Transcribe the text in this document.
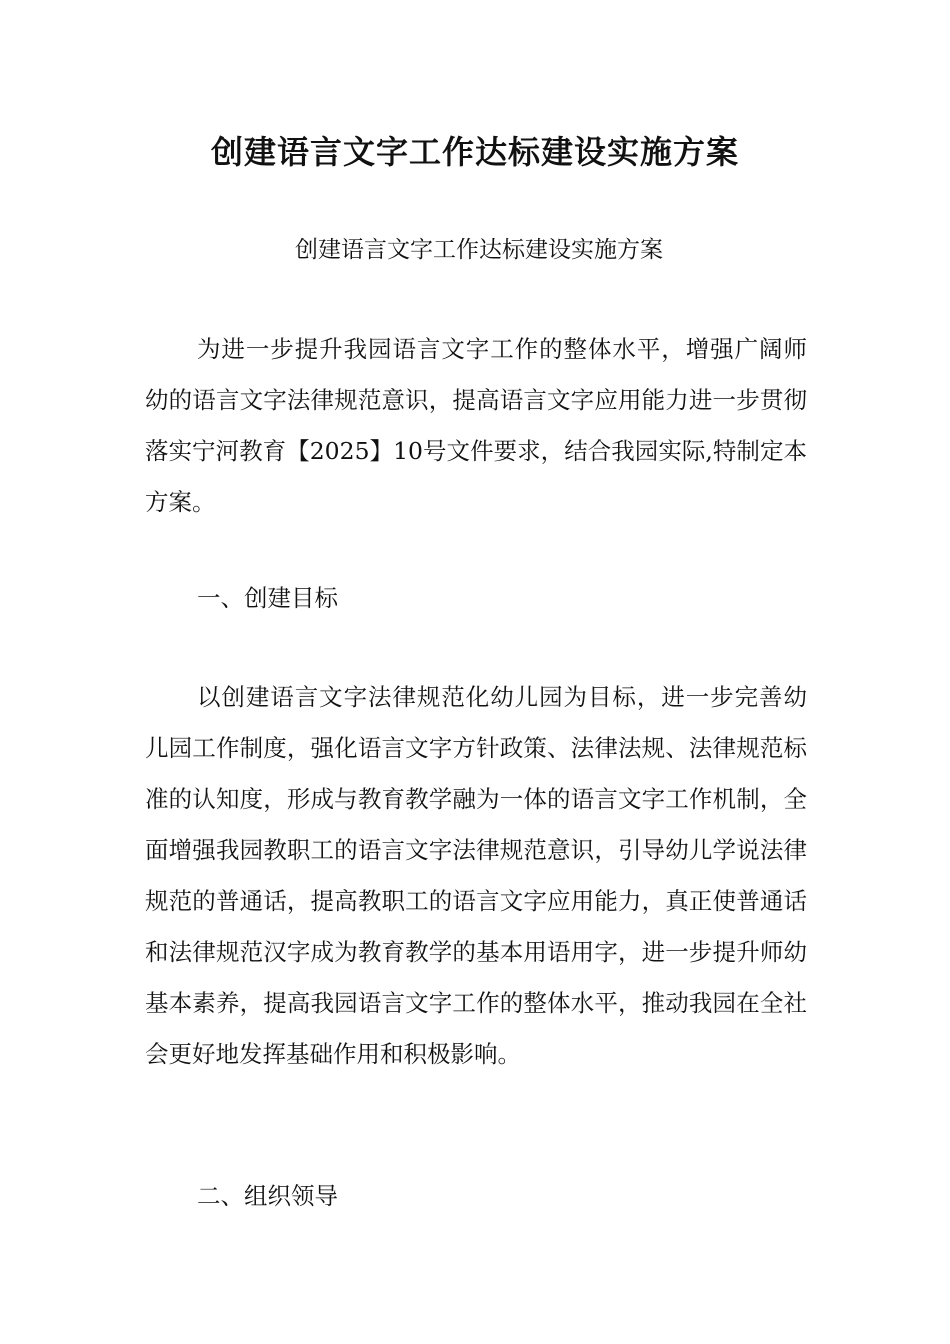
创建语言文字工作达标建设实施方案
创建语言文字工作达标建设实施方案

为进一步提升我园语言文字工作的整体水平，增强广阔师幼的语言文字法律规范意识，提高语言文字应用能力进一步贯彻落实宁河教育【2025】10号文件要求，结合我园实际,特制定本方案。

一、创建目标

以创建语言文字法律规范化幼儿园为目标，进一步完善幼儿园工作制度，强化语言文字方针政策、法律法规、法律规范标准的认知度，形成与教育教学融为一体的语言文字工作机制，全面增强我园教职工的语言文字法律规范意识，引导幼儿学说法律规范的普通话，提高教职工的语言文字应用能力，真正使普通话和法律规范汉字成为教育教学的基本用语用字，进一步提升师幼基本素养，提高我园语言文字工作的整体水平，推动我园在全社会更好地发挥基础作用和积极影响。

二、组织领导
